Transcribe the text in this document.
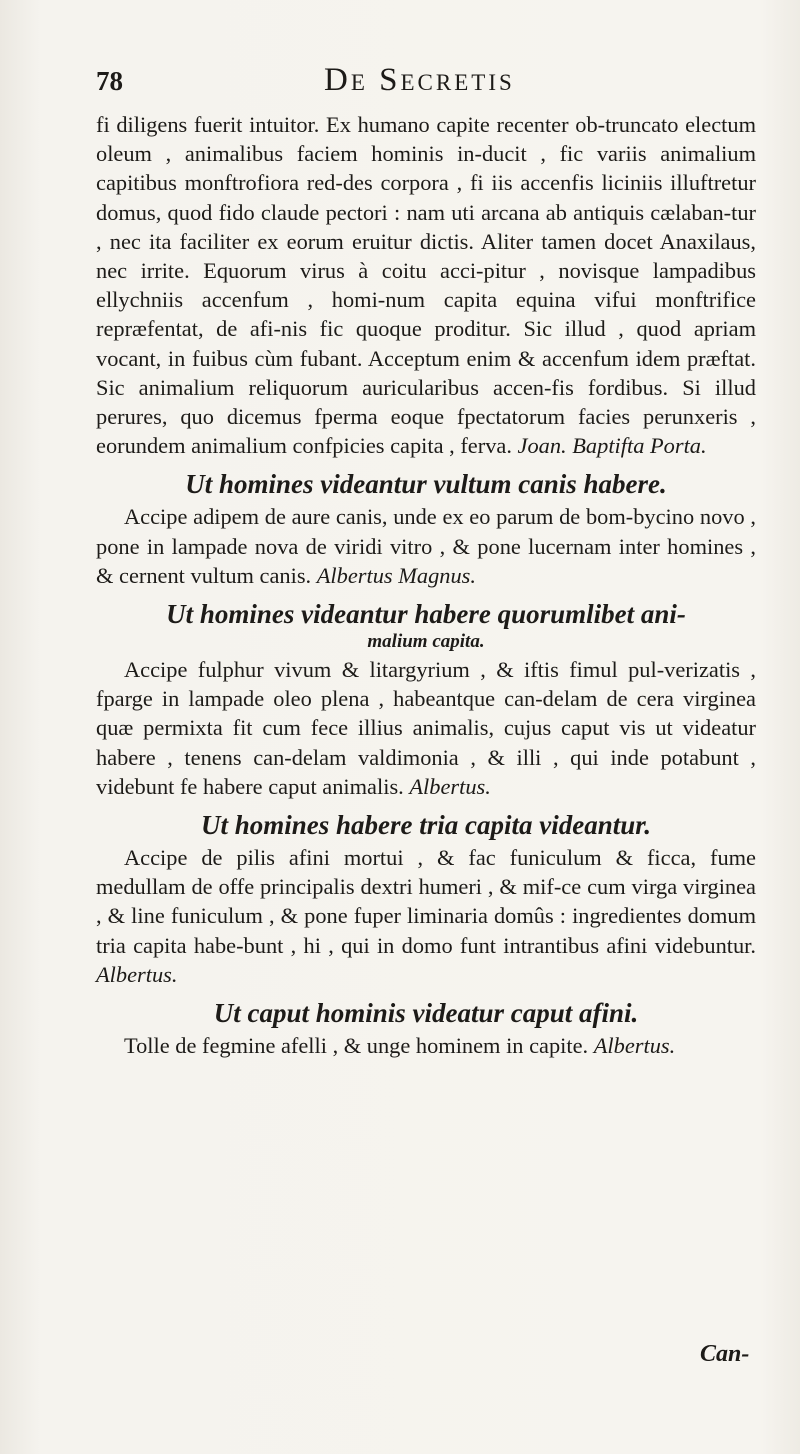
78	De Secretis

fi diligens fuerit intuitor. Ex humano capite recenter ob-truncato electum oleum , animalibus faciem hominis in-ducit , fic variis animalium capitibus monftrofiora red-des corpora , fi iis accenfis liciniis illuftretur domus, quod fido claude pectori : nam uti arcana ab antiquis cælaban-tur , nec ita faciliter ex eorum eruitur dictis. Aliter tamen docet Anaxilaus, nec irrite. Equorum virus à coitu acci-pitur , novisque lampadibus ellychniis accenfum , homi-num capita equina vifui monftrifice repræfentat, de afi-nis fic quoque proditur. Sic illud , quod apriam vocant, in fuibus cùm fubant. Acceptum enim & accenfum idem præftat. Sic animalium reliquorum auricularibus accen-fis fordibus. Si illud perures, quo dicemus fperma eoque fpectatorum facies perunxeris , eorundem animalium confpicies capita , ferva. Joan. Baptifta Porta.

Ut homines videantur vultum canis habere.

Accipe adipem de aure canis, unde ex eo parum de bom-bycino novo , pone in lampade nova de viridi vitro , & pone lucernam inter homines , & cernent vultum canis. Albertus Magnus.

Ut homines videantur habere quorumlibet ani-
malium capita.

Accipe fulphur vivum & litargyrium , & iftis fimul pul-verizatis , fparge in lampade oleo plena , habeantque can-delam de cera virginea quæ permixta fit cum fece illius animalis, cujus caput vis ut videatur habere , tenens can-delam valdimonia , & illi , qui inde potabunt , videbunt fe habere caput animalis. Albertus.

Ut homines habere tria capita videantur.

Accipe de pilis afini mortui , & fac funiculum & ficca, fume medullam de offe principalis dextri humeri , & mif-ce cum virga virginea , & line funiculum , & pone fuper liminaria domûs : ingredientes domum tria capita habe-bunt , hi , qui in domo funt intrantibus afini videbuntur. Albertus.

Ut caput hominis videatur caput afini.

Tolle de fegmine afelli , & unge hominem in capite. Albertus.

Can-
